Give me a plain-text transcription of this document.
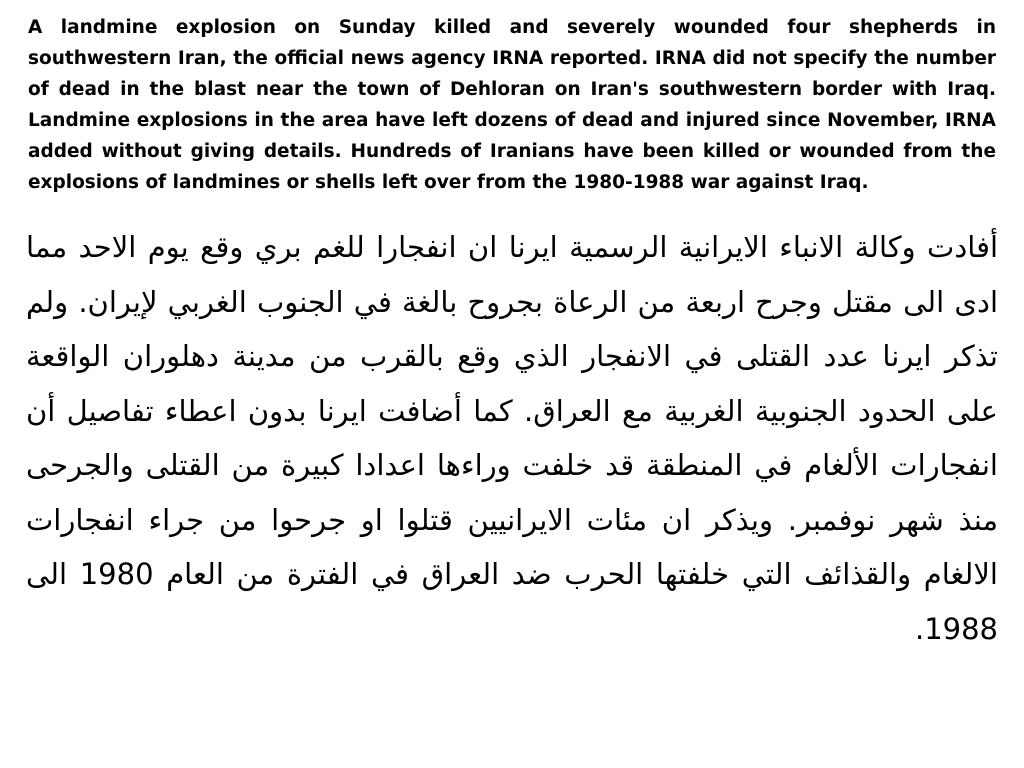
A landmine explosion on Sunday killed and severely wounded four shepherds in southwestern Iran, the official news agency IRNA reported. IRNA did not specify the number of dead in the blast near the town of Dehloran on Iran's southwestern border with Iraq. Landmine explosions in the area have left dozens of dead and injured since November, IRNA added without giving details. Hundreds of Iranians have been killed or wounded from the explosions of landmines or shells left over from the 1980-1988 war against Iraq.

أفادت وكالة الانباء الايرانية الرسمية ايرنا ان انفجارا للغم بري وقع يوم الاحد مما ادى الى مقتل وجرح اربعة من الرعاة بجروح بالغة في الجنوب الغربي لإيران. ولم تذكر ايرنا عدد القتلى في الانفجار الذي وقع بالقرب من مدينة دهلوران الواقعة على الحدود الجنوبية الغربية مع العراق. كما أضافت ايرنا بدون اعطاء تفاصيل أن انفجارات الألغام في المنطقة قد خلفت وراءها اعدادا كبيرة من القتلى والجرحى منذ شهر نوفمبر. ويذكر ان مئات الايرانيين قتلوا او جرحوا من جراء انفجارات الالغام والقذائف التي خلفتها الحرب ضد العراق في الفترة من العام 1980 الى 1988.
